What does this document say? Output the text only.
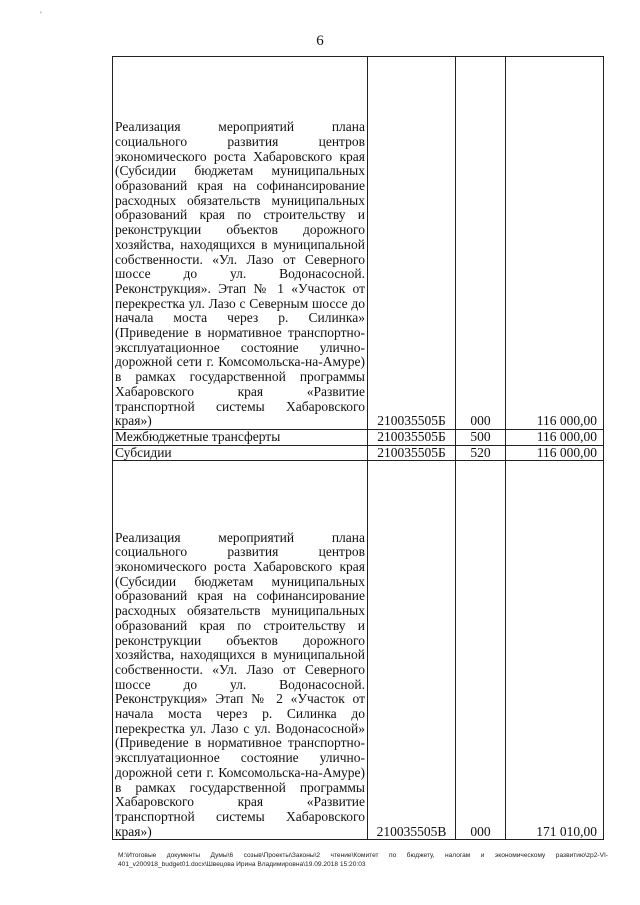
'
6
Реализация мероприятий плана социального развития центров экономического роста Хабаровского края (Субсидии бюджетам муниципальных образований края на софинансирование расходных обязательств муниципальных образований края по строительству и реконструкции объектов дорожного хозяйства, находящихся в муниципальной собственности. «Ул. Лазо от Северного шоссе до ул. Водонасосной. Реконструкция». Этап № 1 «Участок от перекрестка ул. Лазо с Северным шоссе до начала моста через р. Силинка» (Приведение в нормативное транспортно-эксплуатационное состояние улично-дорожной сети г. Комсомольска-на-Амуре) в рамках государственной программы Хабаровского края «Развитие транспортной системы Хабаровского края»)	210035505Б	000	116 000,00
Межбюджетные трансферты	210035505Б	500	116 000,00
Субсидии	210035505Б	520	116 000,00
Реализация мероприятий плана социального развития центров экономического роста Хабаровского края (Субсидии бюджетам муниципальных образований края на софинансирование расходных обязательств муниципальных образований края по строительству и реконструкции объектов дорожного хозяйства, находящихся в муниципальной собственности. «Ул. Лазо от Северного шоссе до ул. Водонасосной. Реконструкция» Этап № 2 «Участок от начала моста через р. Силинка до перекрестка ул. Лазо с ул. Водонасосной» (Приведение в нормативное транспортно-эксплуатационное состояние улично-дорожной сети г. Комсомольска-на-Амуре) в рамках государственной программы Хабаровского края «Развитие транспортной системы Хабаровского края»)	210035505В	000	171 010,00
M:\Итоговые документы Думы\6 созыв\Проекты\Законы\2 чтение\Комитет по бюджету, налогам и экономическому развитию\zp2-VI-401_v200918_budget01.docx\Швецова Ирина Владимировна\19.09.2018 15:20:03
